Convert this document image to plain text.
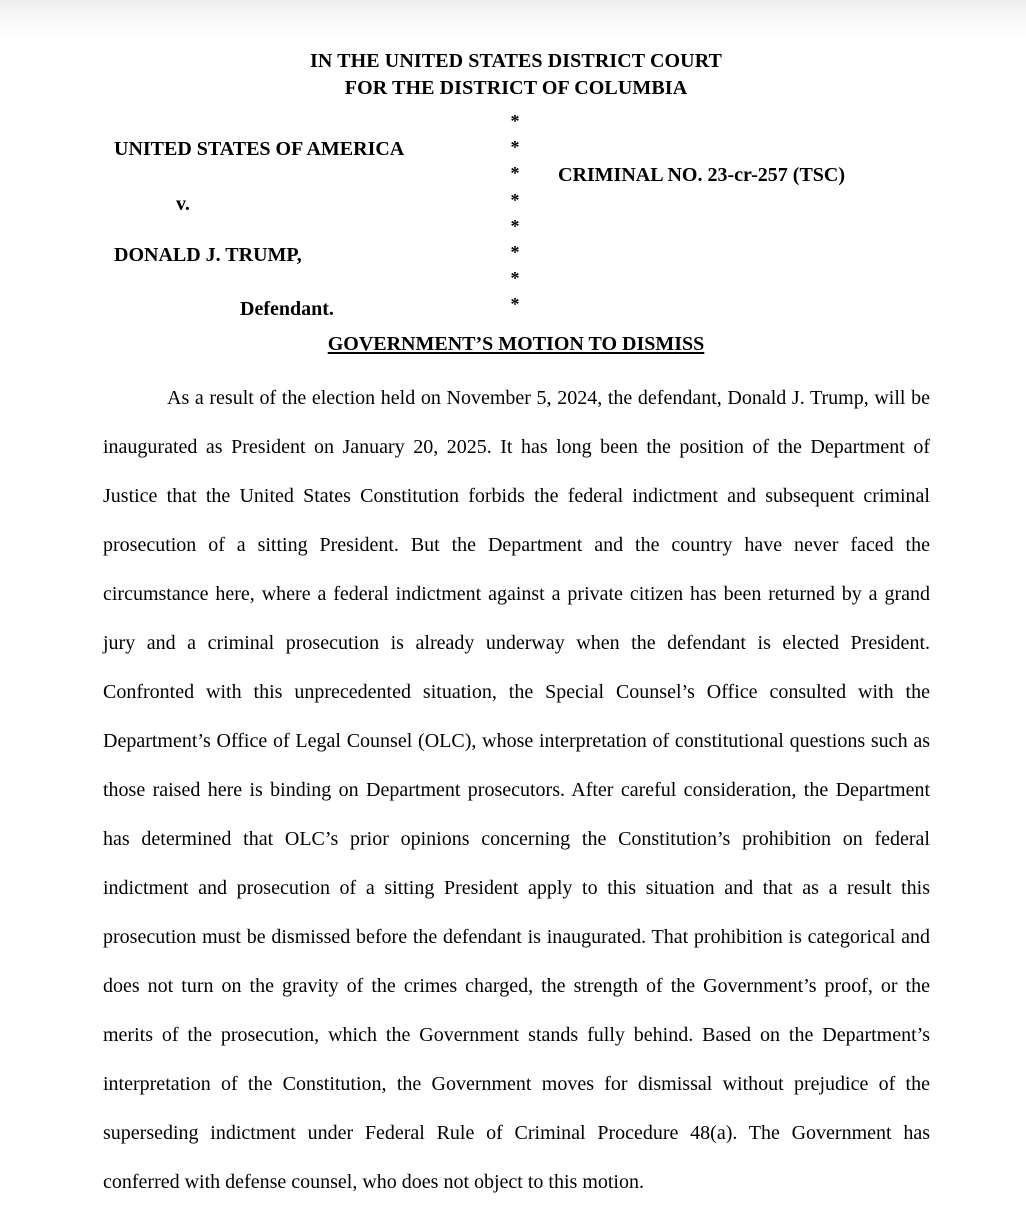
IN THE UNITED STATES DISTRICT COURT
FOR THE DISTRICT OF COLUMBIA
UNITED STATES OF AMERICA
v.
DONALD J. TRUMP,
Defendant.
*
*
*
*
*
*
*
*
CRIMINAL NO. 23-cr-257 (TSC)
GOVERNMENT’S MOTION TO DISMISS

As a result of the election held on November 5, 2024, the defendant, Donald J. Trump, will be inaugurated as President on January 20, 2025. It has long been the position of the Department of Justice that the United States Constitution forbids the federal indictment and subsequent criminal prosecution of a sitting President. But the Department and the country have never faced the circumstance here, where a federal indictment against a private citizen has been returned by a grand jury and a criminal prosecution is already underway when the defendant is elected President. Confronted with this unprecedented situation, the Special Counsel’s Office consulted with the Department’s Office of Legal Counsel (OLC), whose interpretation of constitutional questions such as those raised here is binding on Department prosecutors. After careful consideration, the Department has determined that OLC’s prior opinions concerning the Constitution’s prohibition on federal indictment and prosecution of a sitting President apply to this situation and that as a result this prosecution must be dismissed before the defendant is inaugurated. That prohibition is categorical and does not turn on the gravity of the crimes charged, the strength of the Government’s proof, or the merits of the prosecution, which the Government stands fully behind. Based on the Department’s interpretation of the Constitution, the Government moves for dismissal without prejudice of the superseding indictment under Federal Rule of Criminal Procedure 48(a). The Government has conferred with defense counsel, who does not object to this motion.
